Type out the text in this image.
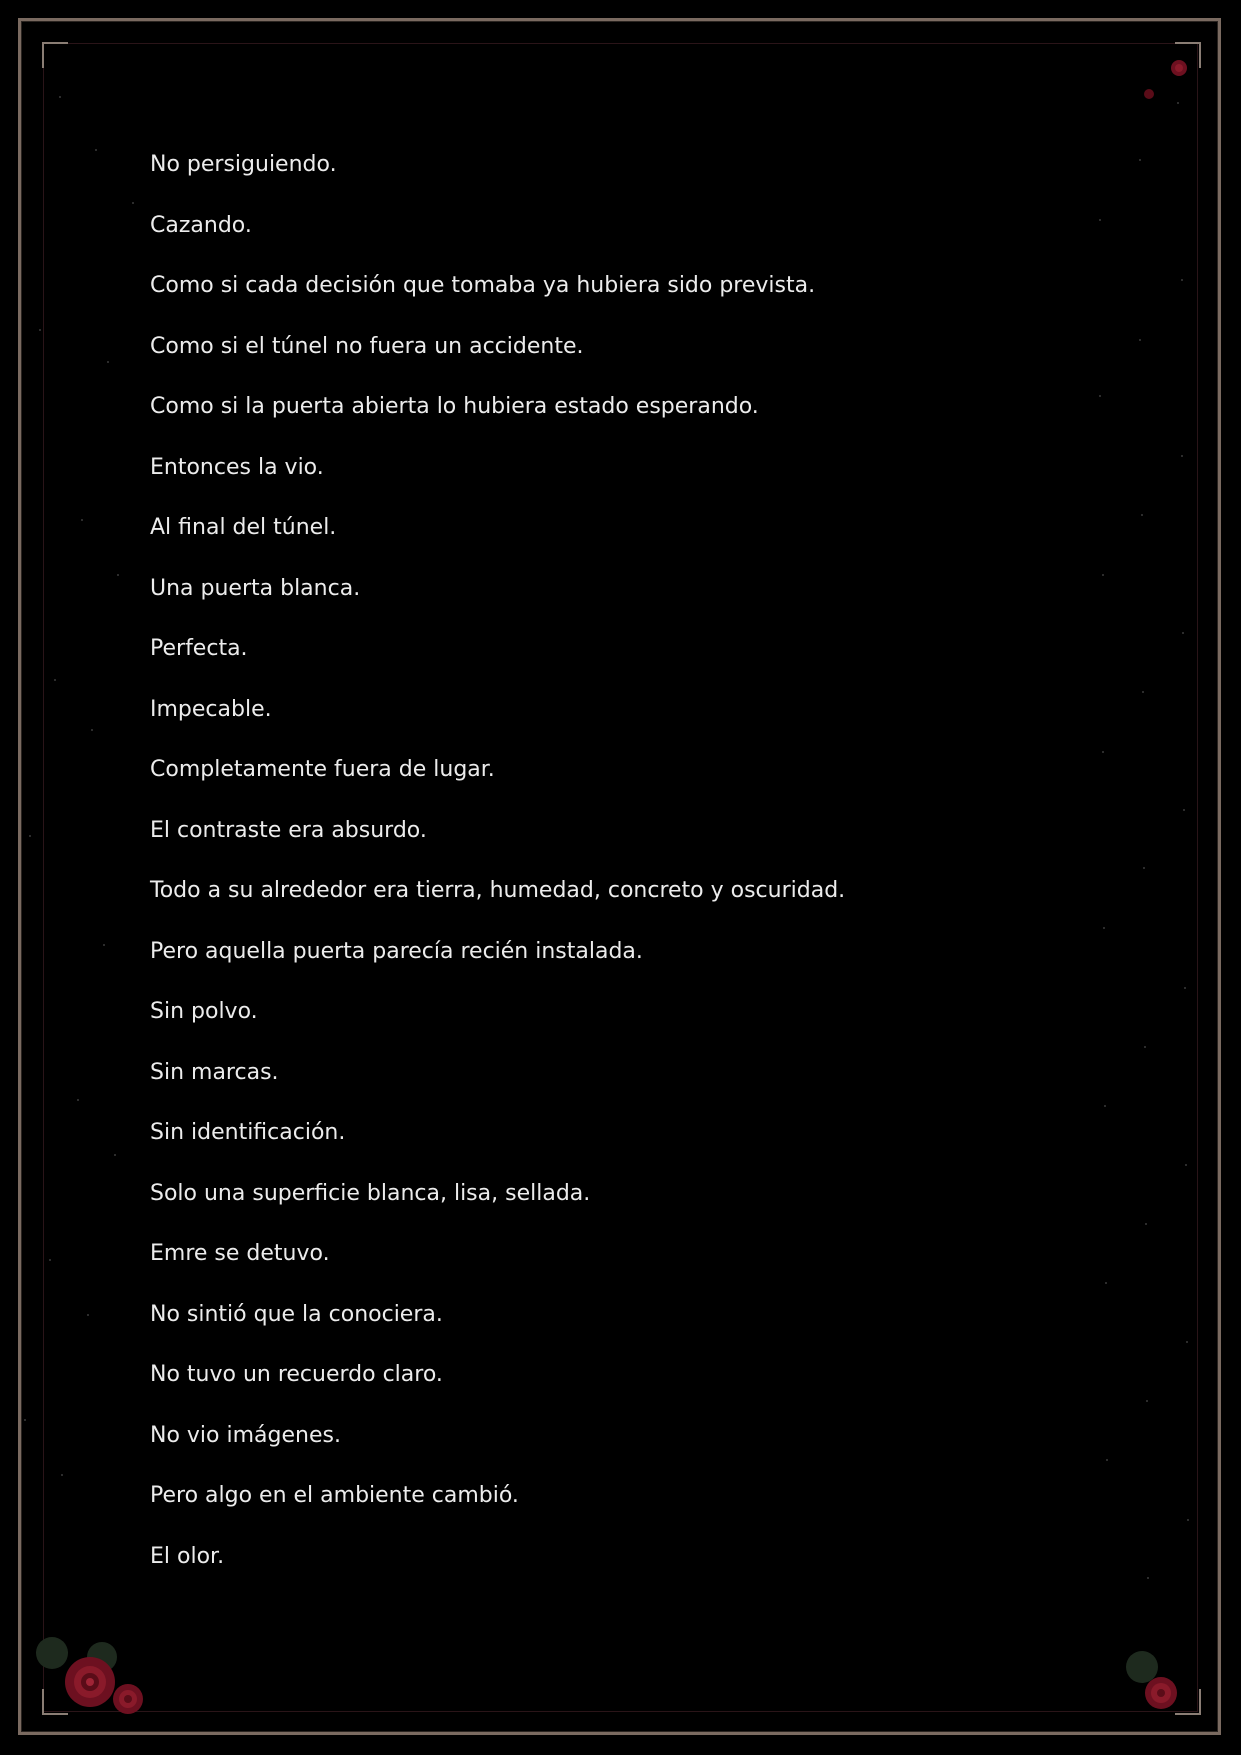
No persiguiendo.

Cazando.

Como si cada decisión que tomaba ya hubiera sido prevista.

Como si el túnel no fuera un accidente.

Como si la puerta abierta lo hubiera estado esperando.

Entonces la vio.

Al final del túnel.

Una puerta blanca.

Perfecta.

Impecable.

Completamente fuera de lugar.

El contraste era absurdo.

Todo a su alrededor era tierra, humedad, concreto y oscuridad.

Pero aquella puerta parecía recién instalada.

Sin polvo.

Sin marcas.

Sin identificación.

Solo una superficie blanca, lisa, sellada.

Emre se detuvo.

No sintió que la conociera.

No tuvo un recuerdo claro.

No vio imágenes.

Pero algo en el ambiente cambió.

El olor.
